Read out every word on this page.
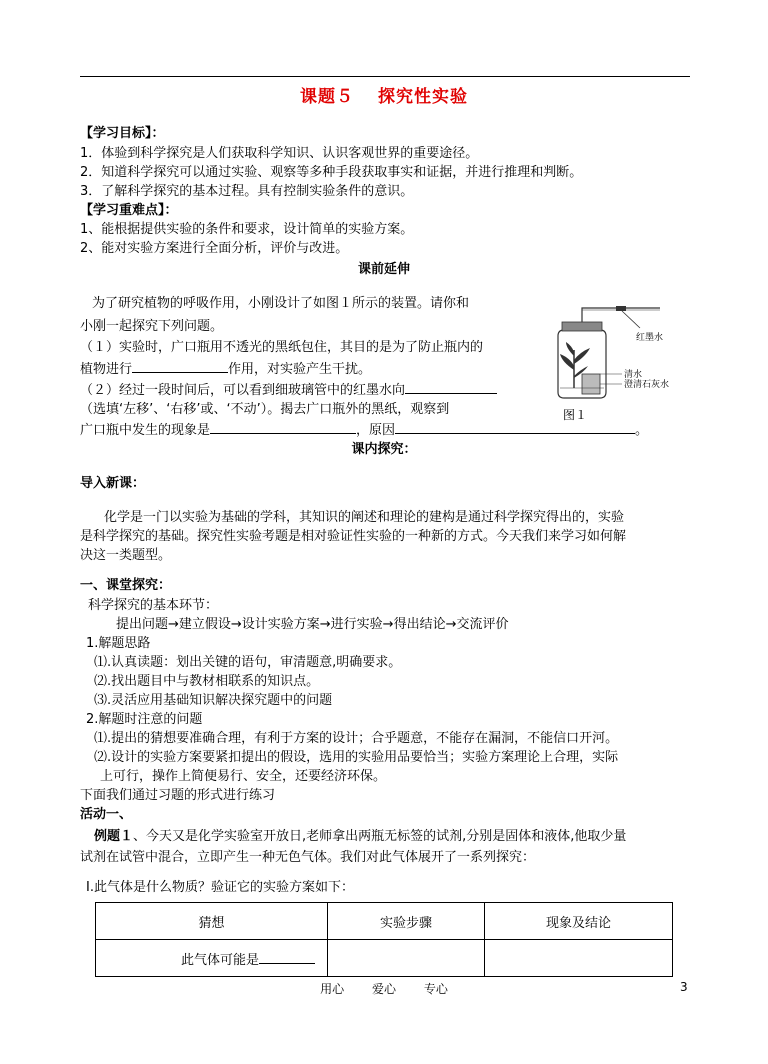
课题５ 探究性实验
【学习目标】：
1．体验到科学探究是人们获取科学知识、认识客观世界的重要途径。
2．知道科学探究可以通过实验、观察等多种手段获取事实和证据，并进行推理和判断。
3．了解科学探究的基本过程。具有控制实验条件的意识。
【学习重难点】：
1、能根据提供实验的条件和要求，设计简单的实验方案。
2、能对实验方案进行全面分析，评价与改进。
课前延伸
为了研究植物的呼吸作用，小刚设计了如图１所示的装置。请你和
小刚一起探究下列问题。
（１）实验时，广口瓶用不透光的黑纸包住，其目的是为了防止瓶内的
植物进行	作用，对实验产生干扰。
（２）经过一段时间后，可以看到细玻璃管中的红墨水向
（选填‘左移’、‘右移’或、‘不动’）。揭去广口瓶外的黑纸，观察到
广口瓶中发生的现象是	，原因	。
红墨水
清水
澄清石灰水
图１
课内探究：
导入新课：
化学是一门以实验为基础的学科，其知识的阐述和理论的建构是通过科学探究得出的，实验
是科学探究的基础。探究性实验考题是相对验证性实验的一种新的方式。今天我们来学习如何解
决这一类题型。
一、课堂探究：
科学探究的基本环节：
提出问题→建立假设→设计实验方案→进行实验→得出结论→交流评价
1.解题思路
⑴.认真读题：划出关键的语句，审清题意,明确要求。
⑵.找出题目中与教材相联系的知识点。
⑶.灵活应用基础知识解决探究题中的问题
2.解题时注意的问题
⑴.提出的猜想要准确合理，有利于方案的设计；合乎题意，不能存在漏洞，不能信口开河。
⑵.设计的实验方案要紧扣提出的假设，选用的实验用品要恰当；实验方案理论上合理，实际
上可行，操作上简便易行、安全，还要经济环保。
下面我们通过习题的形式进行练习
活动一、
例题１、今天又是化学实验室开放日,老师拿出两瓶无标签的试剂,分别是固体和液体,他取少量
试剂在试管中混合，立即产生一种无色气体。我们对此气体展开了一系列探究：
Ⅰ.此气体是什么物质？验证它的实验方案如下：
猜想	实验步骤	现象及结论
此气体可能是		
用心 爱心 专心	3
